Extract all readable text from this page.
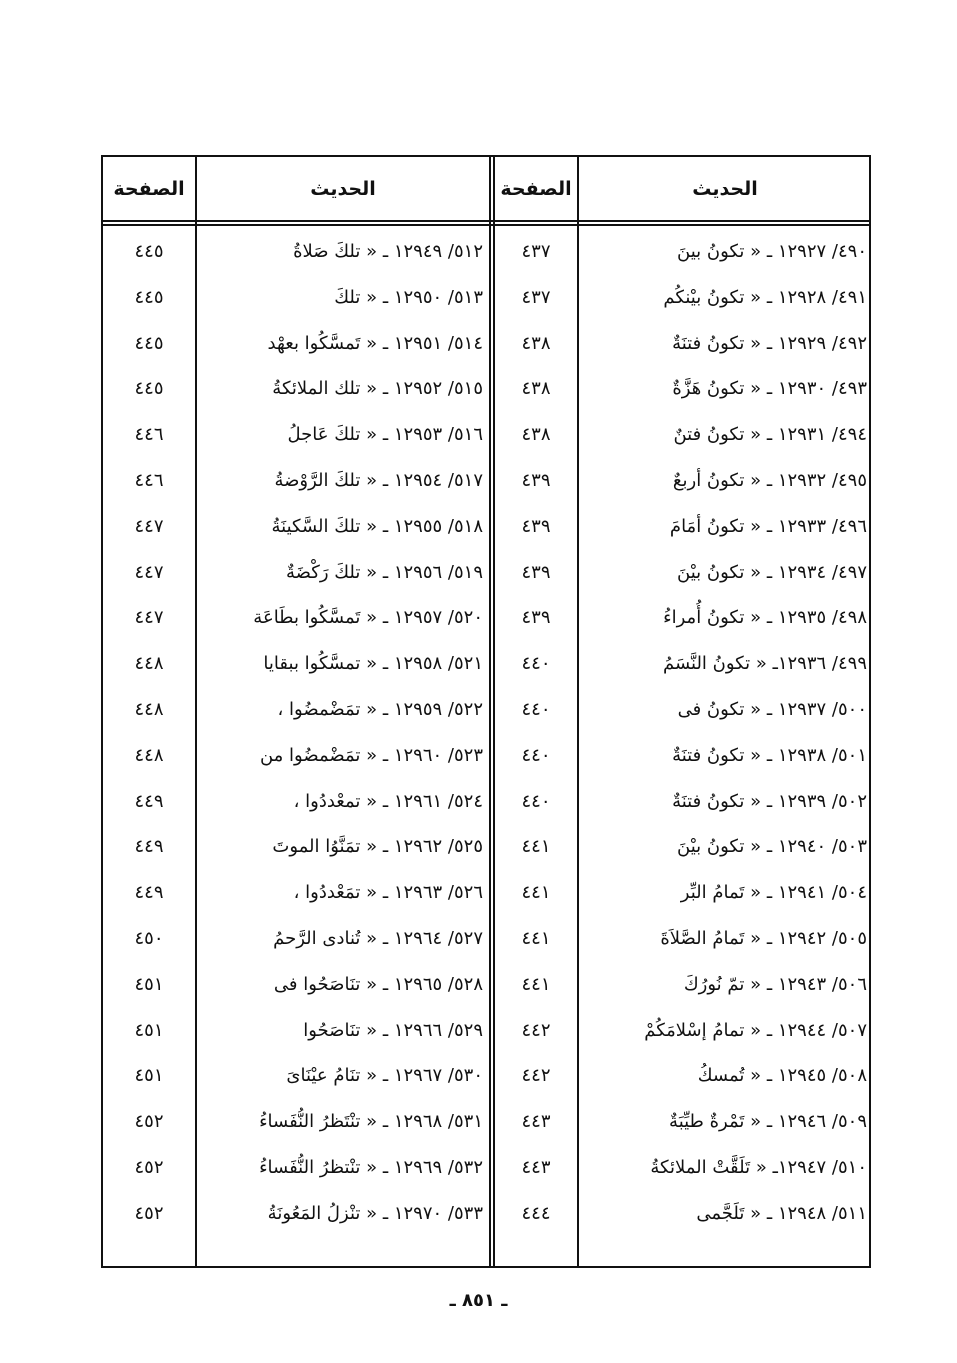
الحديث
الصفحة
الحديث
الصفحة
٤٩٠/ ١٢٩٢٧ ـ « تكونُ بينَ
٤٩١/ ١٢٩٢٨ ـ « تكونُ بيْنكُم
٤٩٢/ ١٢٩٢٩ ـ « تكونُ فتنَةٌ
٤٩٣/ ١٢٩٣٠ ـ « تكونُ هَزَّةٌ
٤٩٤/ ١٢٩٣١ ـ « تكونُ فتنٌ
٤٩٥/ ١٢٩٣٢ ـ « تكونُ أربعٌ
٤٩٦/ ١٢٩٣٣ ـ « تكونُ أمَامَ
٤٩٧/ ١٢٩٣٤ ـ « تكونُ بيْنَ
٤٩٨/ ١٢٩٣٥ ـ « تكونُ أُمراءُ
٤٩٩/ ١٢٩٣٦ـ « تكونُ النَّسَمُ
٥٠٠/ ١٢٩٣٧ ـ « تكونُ فى
٥٠١/ ١٢٩٣٨ ـ « تكونُ فتنَةٌ
٥٠٢/ ١٢٩٣٩ ـ « تكونُ فتنَةٌ
٥٠٣/ ١٢٩٤٠ ـ « تكونُ بيْنَ
٥٠٤/ ١٢٩٤١ ـ « تَمامُ البِّر
٥٠٥/ ١٢٩٤٢ ـ « تَمامُ الصَّلاَةَ
٥٠٦/ ١٢٩٤٣ ـ « تمّ نُورُكَ
٥٠٧/ ١٢٩٤٤ ـ « تمامُ إسْلامَكُمْ
٥٠٨/ ١٢٩٤٥ ـ « تُمسكُ
٥٠٩/ ١٢٩٤٦ ـ « تَمْرةٌ طيِّبَةٌ
٥١٠/ ١٢٩٤٧ـ « تَلَقَّتْ الملائكةُ
٥١١/ ١٢٩٤٨ ـ « تَلَجَّمى
٤٣٧
٤٣٧
٤٣٨
٤٣٨
٤٣٨
٤٣٩
٤٣٩
٤٣٩
٤٣٩
٤٤٠
٤٤٠
٤٤٠
٤٤٠
٤٤١
٤٤١
٤٤١
٤٤١
٤٤٢
٤٤٢
٤٤٣
٤٤٣
٤٤٤
٥١٢/ ١٢٩٤٩ ـ « تلكَ صَلاةُ
٥١٣/ ١٢٩٥٠ ـ « تلكَ
٥١٤/ ١٢٩٥١ ـ « تَمسَّكُوا بعهْد
٥١٥/ ١٢٩٥٢ ـ « تلك الملائكةُ
٥١٦/ ١٢٩٥٣ ـ « تلكَ عَاجلُ
٥١٧/ ١٢٩٥٤ ـ « تلكَ الرَّوْضةُ
٥١٨/ ١٢٩٥٥ ـ « تلكَ السَّكينَةُ
٥١٩/ ١٢٩٥٦ ـ « تلكَ رَكْضَةٌ
٥٢٠/ ١٢٩٥٧ ـ « تَمسَّكُوا بطَاعَة
٥٢١/ ١٢٩٥٨ ـ « تمسَّكُوا ببقايا
٥٢٢/ ١٢٩٥٩ ـ « تمَضْمضُوا ،
٥٢٣/ ١٢٩٦٠ ـ « تمَضْمضُوا من
٥٢٤/ ١٢٩٦١ ـ « تمعْددُوا ،
٥٢٥/ ١٢٩٦٢ ـ « تمَنَّوُا الموتَ
٥٢٦/ ١٢٩٦٣ ـ « تمَعْددُوا ،
٥٢٧/ ١٢٩٦٤ ـ « تُنادى الرَّحمُ
٥٢٨/ ١٢٩٦٥ ـ « تنَاصَحُوا فى
٥٢٩/ ١٢٩٦٦ ـ « تنَاصَحُوا
٥٣٠/ ١٢٩٦٧ ـ « تنَامُ عيْنَاىَ
٥٣١/ ١٢٩٦٨ ـ « تنْتَظرُ النُّفَساءُ
٥٣٢/ ١٢٩٦٩ ـ « تنْتظرُ النُّفَساءُ
٥٣٣/ ١٢٩٧٠ ـ « تنْزلُ المَعُونَةُ
٤٤٥
٤٤٥
٤٤٥
٤٤٥
٤٤٦
٤٤٦
٤٤٧
٤٤٧
٤٤٧
٤٤٨
٤٤٨
٤٤٨
٤٤٩
٤٤٩
٤٤٩
٤٥٠
٤٥١
٤٥١
٤٥١
٤٥٢
٤٥٢
٤٥٢
ـ ٨٥١ ـ
